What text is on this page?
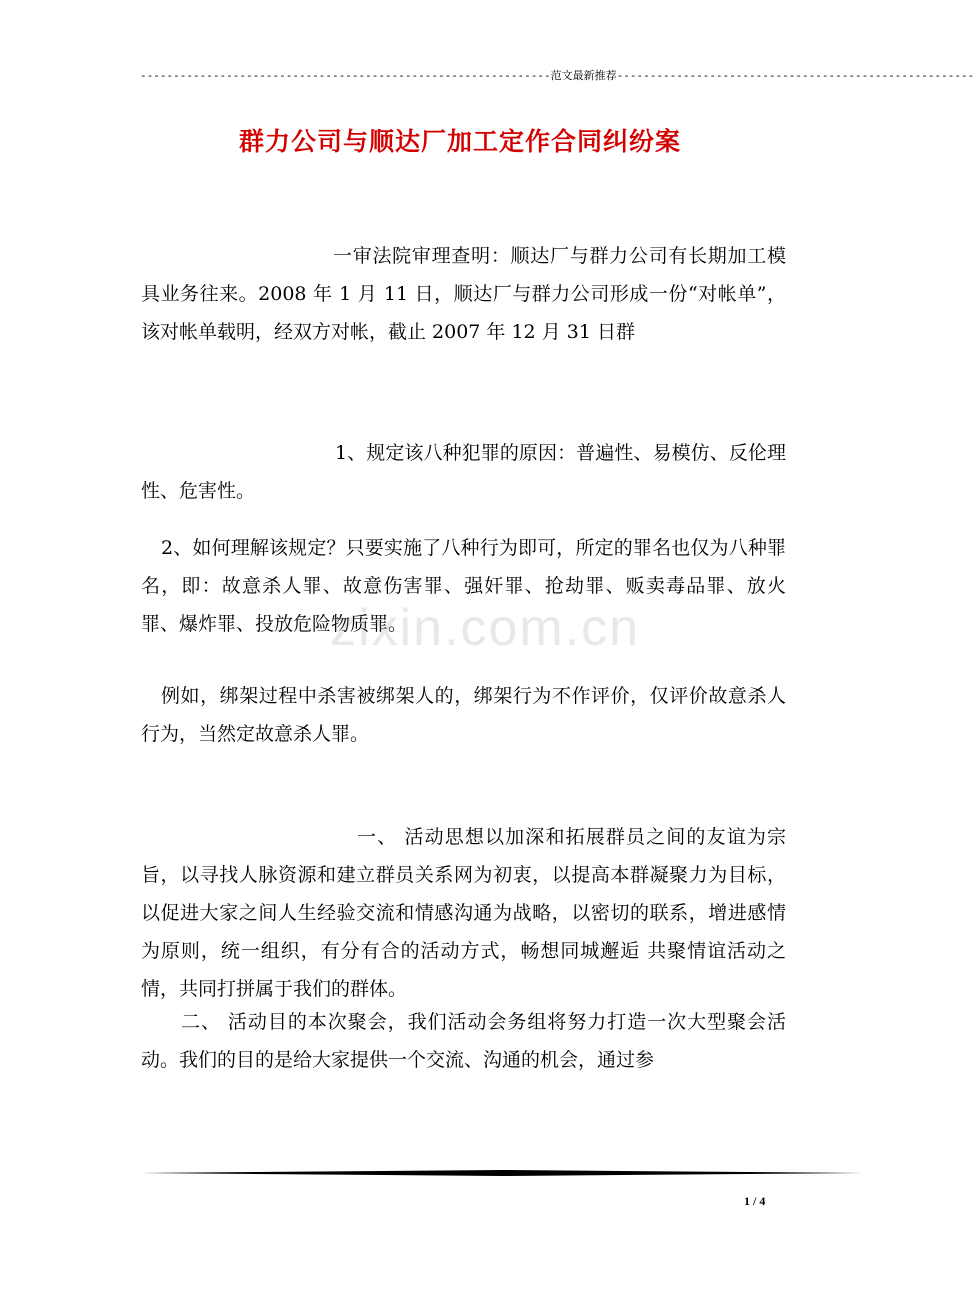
--------------------------------------------------------------范文最新推荐------------------------------------------------------
群力公司与顺达厂加工定作合同纠纷案
一审法院审理查明：顺达厂与群力公司有长期加工模具业务往来。2008 年 1 月 11 日，顺达厂与群力公司形成一份“对帐单”，该对帐单载明，经双方对帐，截止 2007 年 12 月 31 日群
1、规定该八种犯罪的原因：普遍性、易模仿、反伦理性、危害性。
2、如何理解该规定？只要实施了八种行为即可，所定的罪名也仅为八种罪名，即：故意杀人罪、故意伤害罪、强奸罪、抢劫罪、贩卖毒品罪、放火罪、爆炸罪、投放危险物质罪。
例如，绑架过程中杀害被绑架人的，绑架行为不作评价，仅评价故意杀人行为，当然定故意杀人罪。
一、 活动思想以加深和拓展群员之间的友谊为宗旨，以寻找人脉资源和建立群员关系网为初衷，以提高本群凝聚力为目标，以促进大家之间人生经验交流和情感沟通为战略，以密切的联系，增进感情为原则，统一组织，有分有合的活动方式，畅想同城邂逅 共聚情谊活动之情，共同打拼属于我们的群体。
二、 活动目的本次聚会，我们活动会务组将努力打造一次大型聚会活动。我们的目的是给大家提供一个交流、沟通的机会，通过参
zixin.com.cn
1 / 4
